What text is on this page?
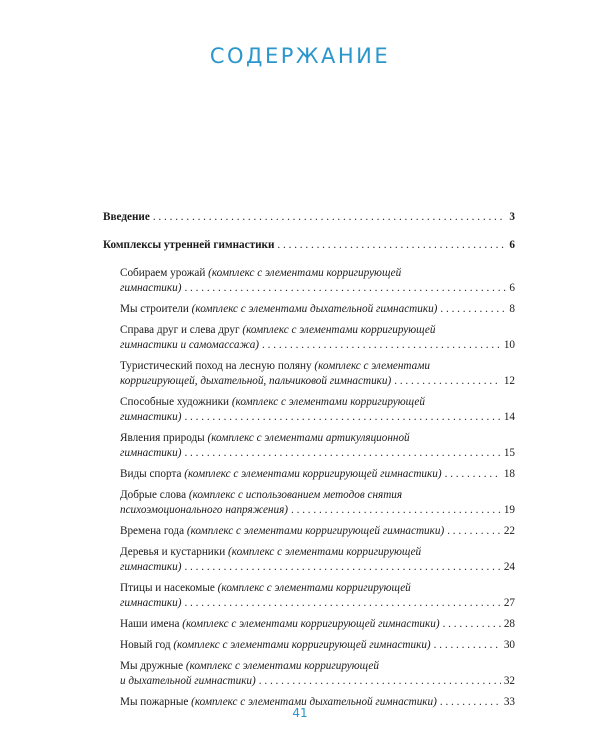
СОДЕРЖАНИЕ
Введение . . .	3
Комплексы утренней гимнастики . . .	6
Собираем урожай (комплекс с элементами корригирующей
гимнастики) . . .	6
Мы строители
(комплекс с элементами дыхательной гимнастики) . . .	8
Справа друг и слева друг (комплекс с элементами корригирующей
гимнастики и самомассажа) . . .	10
Туристический поход на лесную поляну (комплекс с элементами
корригирующей, дыхательной, пальчиковой гимнастики) . . .	12
Способные художники (комплекс с элементами корригирующей
гимнастики) . . .	14
Явления природы (комплекс с элементами артикуляционной
гимнастики) . . .	15
Виды спорта
(комплекс с элементами корригирующей гимнастики) . . .	18
Добрые слова (комплекс с использованием методов снятия
психоэмоционального напряжения) . . .	19
Времена года
(комплекс с элементами корригирующей гимнастики) . . .	22
Деревья и кустарники (комплекс с элементами корригирующей
гимнастики) . . .	24
Птицы и насекомые (комплекс с элементами корригирующей
гимнастики) . . .	27
Наши имена
(комплекс с элементами корригирующей гимнастики) . . .	28
Новый год
(комплекс с элементами корригирующей гимнастики) . . .	30
Мы дружные (комплекс с элементами корригирующей
и дыхательной гимнастики) . . .	32
Мы пожарные
(комплекс с элементами дыхательной гимнастики) . . .	33
41
